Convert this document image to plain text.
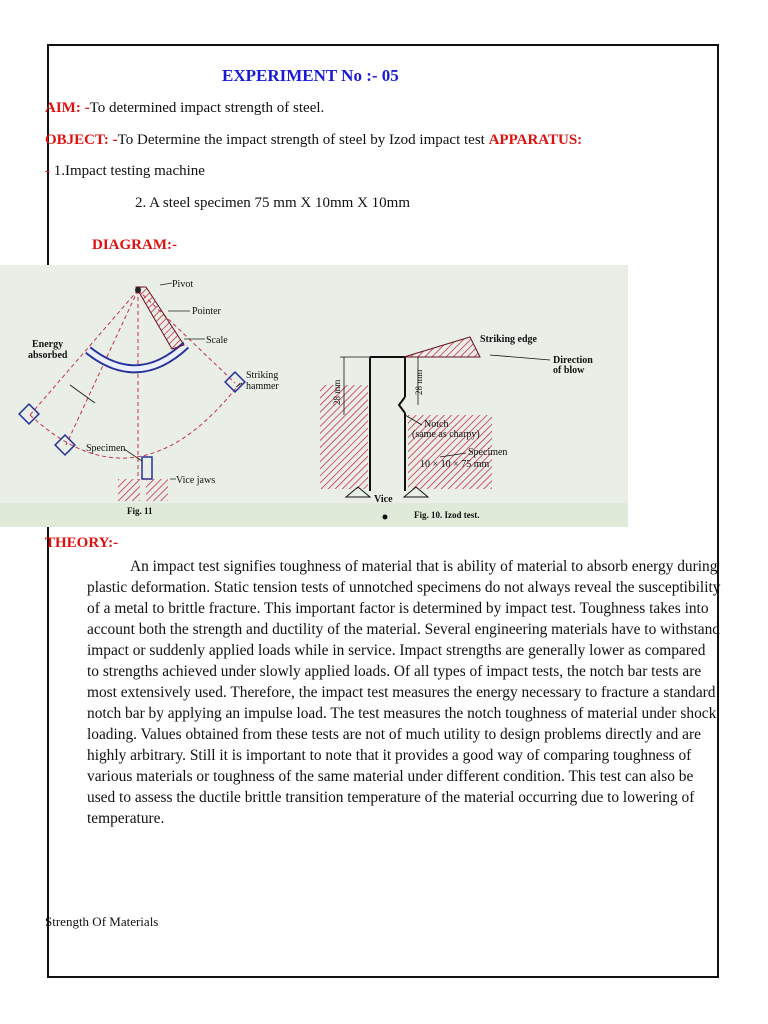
EXPERIMENT No :- 05
AIM: -To determined impact strength of steel.
OBJECT: -To Determine the impact strength of steel by Izod impact test APPARATUS:
- 1.Impact testing machine
2. A steel specimen 75 mm X 10mm X 10mm
DIAGRAM:-
Pivot
Pointer
Scale
Energy
absorbed
Striking
hammer
Specimen
Vice jaws
Fig. 11
Striking edge
Direction
of blow
28 mm	28 mm
Notch
(same as charpy)
Specimen
10 × 10 × 75 mm
Vice
Fig. 10. Izod test.
THEORY:-
An impact test signifies toughness of material that is ability of material to absorb energy during plastic deformation. Static tension tests of unnotched specimens do not always reveal the susceptibility of a metal to brittle fracture. This important factor is determined by impact test. Toughness takes into account both the strength and ductility of the material. Several engineering materials have to withstand impact or suddenly applied loads while in service. Impact strengths are generally lower as compared to strengths achieved under slowly applied loads. Of all types of impact tests, the notch bar tests are most extensively used. Therefore, the impact test measures the energy necessary to fracture a standard notch bar by applying an impulse load. The test measures the notch toughness of material under shock loading. Values obtained from these tests are not of much utility to design problems directly and are highly arbitrary. Still it is important to note that it provides a good way of comparing toughness of various materials or toughness of the same material under different condition. This test can also be used to assess the ductile brittle transition temperature of the material occurring due to lowering of temperature.
Strength Of Materials
